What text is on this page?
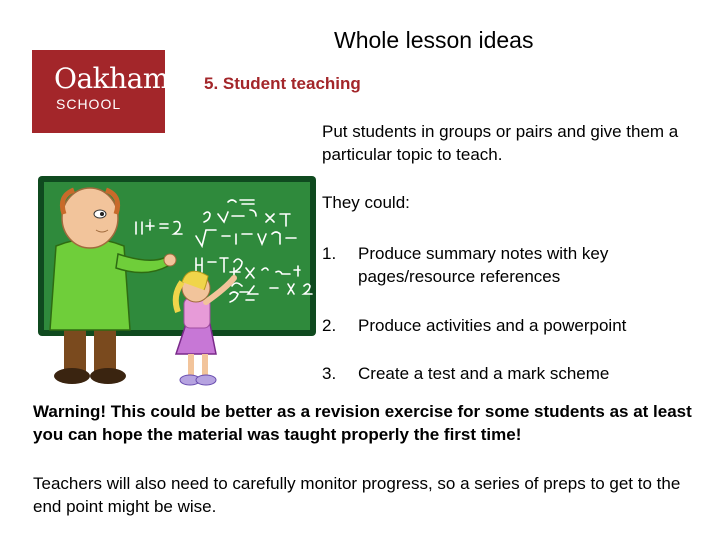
Oakham
SCHOOL
Whole lesson ideas
5. Student teaching
Put students in groups or pairs and give them a particular topic to teach.
They could:
1. Produce summary notes with key pages/resource references
2. Produce activities and a powerpoint
3. Create a test and a mark scheme
Warning! This could be better as a revision exercise for some students as at least you can hope the material was taught properly the first time!
Teachers will also need to carefully monitor progress, so a series of preps to get to the end point might be wise.
